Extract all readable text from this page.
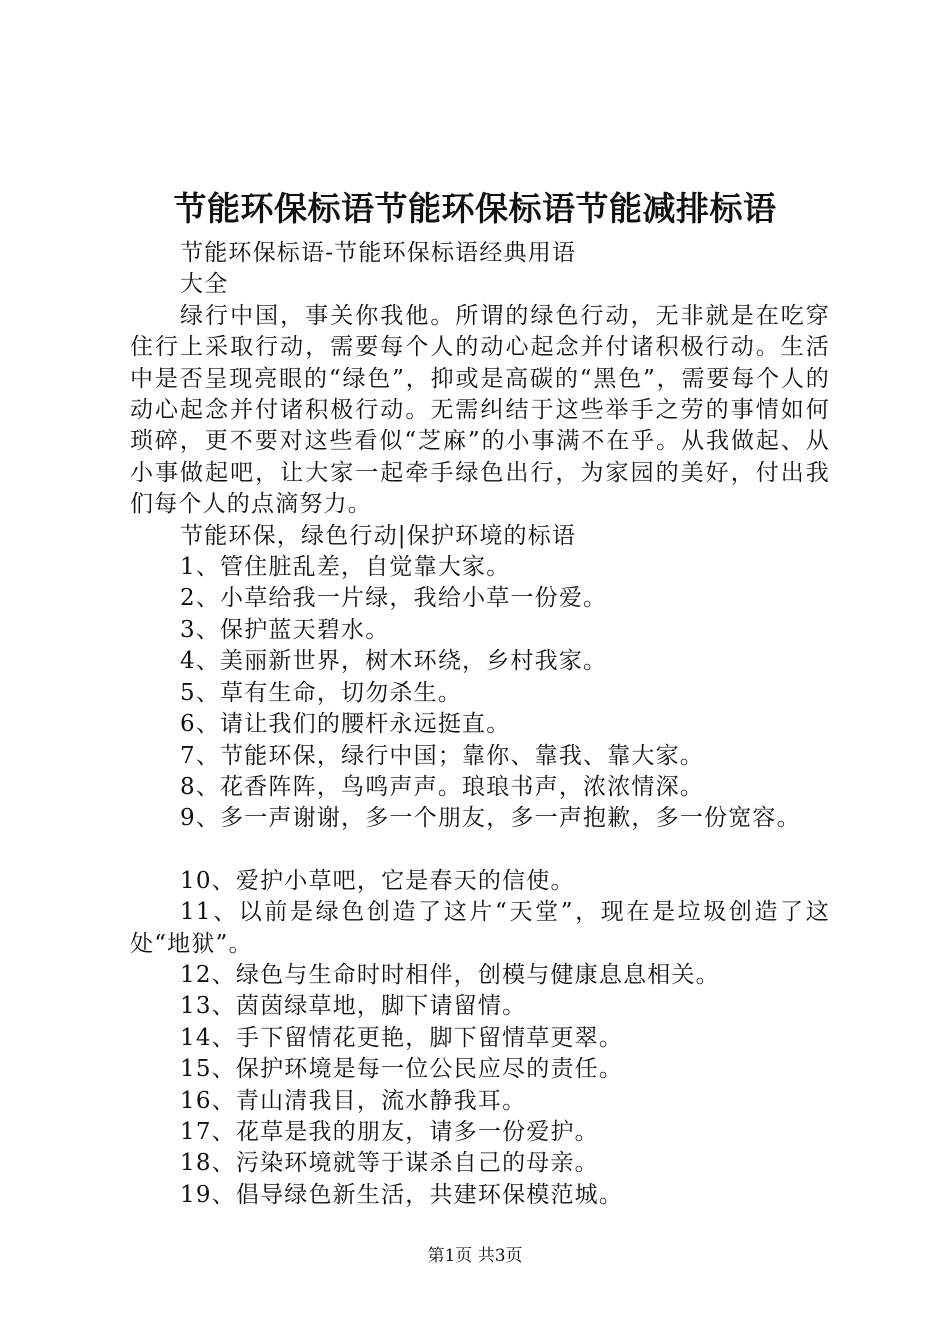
节能环保标语节能环保标语节能减排标语

节能环保标语-节能环保标语经典用语大全

绿行中国，事关你我他。所谓的绿色行动，无非就是在吃穿住行上采取行动，需要每个人的动心起念并付诸积极行动。生活中是否呈现亮眼的“绿色”，抑或是高碳的“黑色”，需要每个人的动心起念并付诸积极行动。无需纠结于这些举手之劳的事情如何琐碎，更不要对这些看似“芝麻”的小事满不在乎。从我做起、从小事做起吧，让大家一起牵手绿色出行，为家园的美好，付出我们每个人的点滴努力。

节能环保，绿色行动|保护环境的标语

1、管住脏乱差，自觉靠大家。

2、小草给我一片绿，我给小草一份爱。

3、保护蓝天碧水。

4、美丽新世界，树木环绕，乡村我家。

5、草有生命，切勿杀生。

6、请让我们的腰杆永远挺直。

7、节能环保，绿行中国；靠你、靠我、靠大家。

8、花香阵阵，鸟鸣声声。琅琅书声，浓浓情深。

9、多一声谢谢，多一个朋友，多一声抱歉，多一份宽容。

10、爱护小草吧，它是春天的信使。

11、以前是绿色创造了这片“天堂”，现在是垃圾创造了这处“地狱”。

12、绿色与生命时时相伴，创模与健康息息相关。

13、茵茵绿草地，脚下请留情。

14、手下留情花更艳，脚下留情草更翠。

15、保护环境是每一位公民应尽的责任。

16、青山清我目，流水静我耳。

17、花草是我的朋友，请多一份爱护。

18、污染环境就等于谋杀自己的母亲。

19、倡导绿色新生活，共建环保模范城。

第1页 共3页
